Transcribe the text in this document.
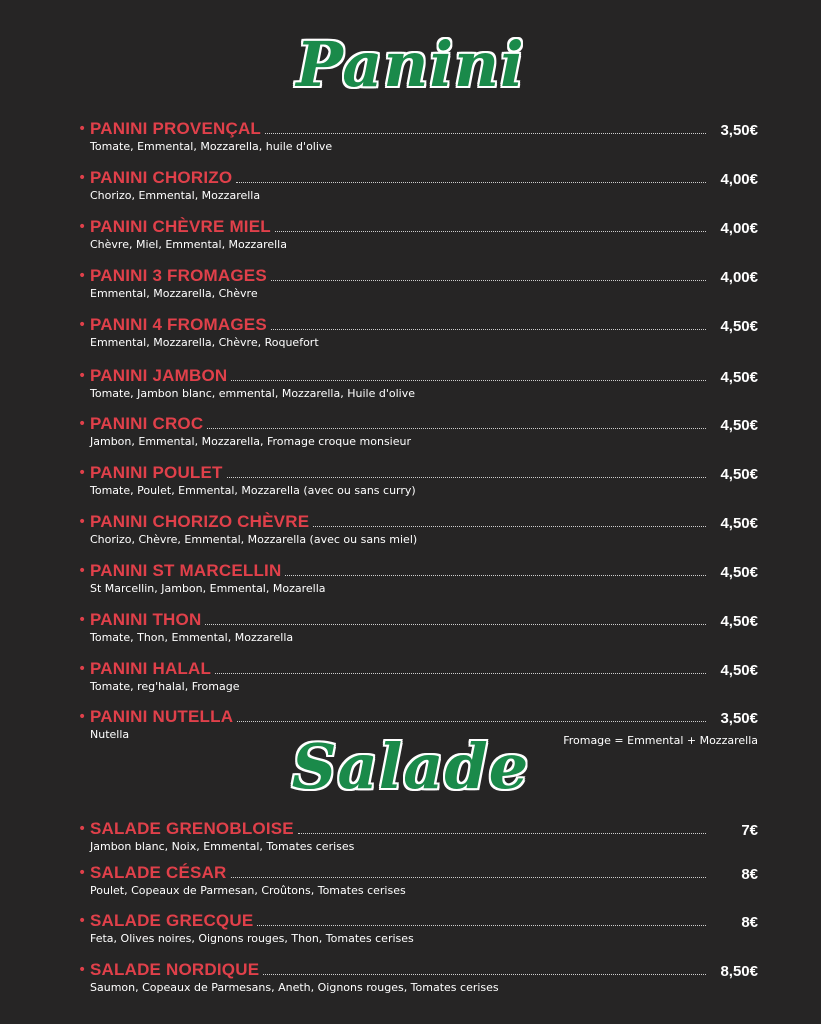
Panini
• PANINI PROVENÇAL	3,50€
Tomate, Emmental, Mozzarella, huile d'olive
• PANINI CHORIZO	4,00€
Chorizo, Emmental, Mozzarella
• PANINI CHÈVRE MIEL	4,00€
Chèvre, Miel, Emmental, Mozzarella
• PANINI 3 FROMAGES	4,00€
Emmental, Mozzarella, Chèvre
• PANINI 4 FROMAGES	4,50€
Emmental, Mozzarella, Chèvre, Roquefort
• PANINI JAMBON	4,50€
Tomate, Jambon blanc, emmental, Mozzarella, Huile d'olive
• PANINI CROC	4,50€
Jambon, Emmental, Mozzarella, Fromage croque monsieur
• PANINI POULET	4,50€
Tomate, Poulet, Emmental, Mozzarella (avec ou sans curry)
• PANINI CHORIZO CHÈVRE	4,50€
Chorizo, Chèvre, Emmental, Mozzarella (avec ou sans miel)
• PANINI ST MARCELLIN	4,50€
St Marcellin, Jambon, Emmental, Mozarella
• PANINI THON	4,50€
Tomate, Thon, Emmental, Mozzarella
• PANINI HALAL	4,50€
Tomate, reg'halal, Fromage
• PANINI NUTELLA	3,50€
Nutella	Fromage = Emmental + Mozzarella
Salade
• SALADE GRENOBLOISE	7€
Jambon blanc, Noix, Emmental, Tomates cerises
• SALADE CÉSAR	8€
Poulet, Copeaux de Parmesan, Croûtons, Tomates cerises
• SALADE GRECQUE	8€
Feta, Olives noires, Oignons rouges, Thon, Tomates cerises
• SALADE NORDIQUE	8,50€
Saumon, Copeaux de Parmesans, Aneth, Oignons rouges, Tomates cerises
